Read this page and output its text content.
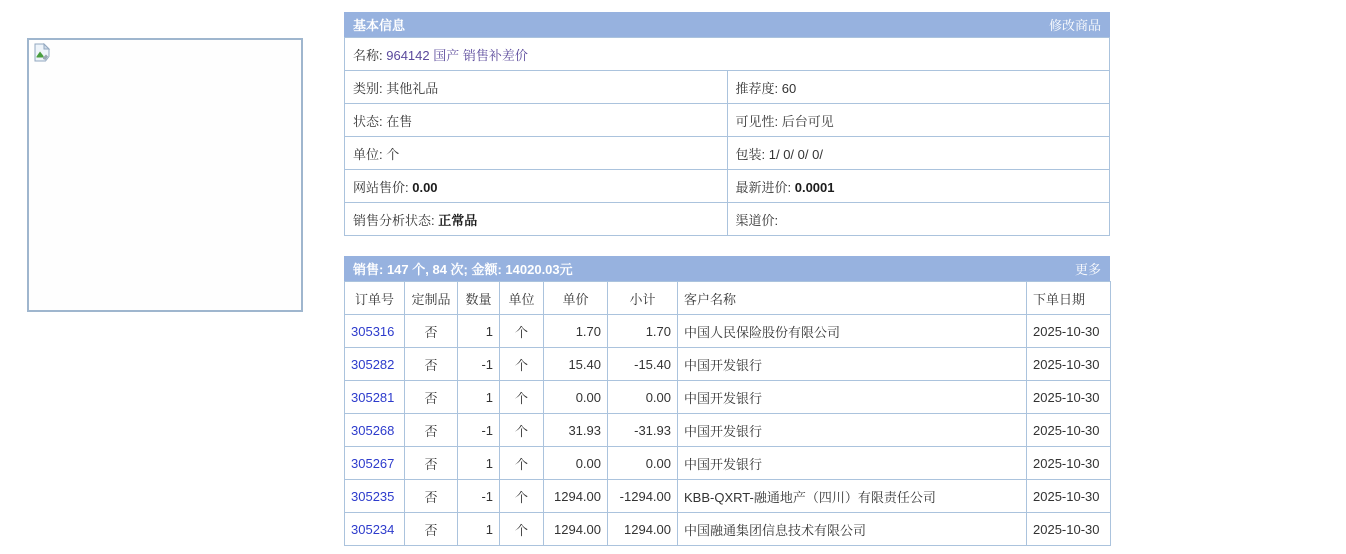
基本信息	修改商品
名称: 964142 国产 销售补差价	
类别: 其他礼品	推荐度: 60
状态: 在售	可见性: 后台可见
单位: 个	包装: 1/ 0/ 0/ 0/
网站售价: 0.00	最新进价: 0.0001
销售分析状态: 正常品	渠道价:
销售: 147 个, 84 次; 金额: 14020.03元	更多
订单号	定制品	数量	单位	单价	小计	客户名称	下单日期
305316	否	1	个	1.70	1.70	中国人民保险股份有限公司	2025-10-30
305282	否	-1	个	15.40	-15.40	中国开发银行	2025-10-30
305281	否	1	个	0.00	0.00	中国开发银行	2025-10-30
305268	否	-1	个	31.93	-31.93	中国开发银行	2025-10-30
305267	否	1	个	0.00	0.00	中国开发银行	2025-10-30
305235	否	-1	个	1294.00	-1294.00	KBB-QXRT-融通地产（四川）有限责任公司	2025-10-30
305234	否	1	个	1294.00	1294.00	中国融通集团信息技术有限公司	2025-10-30
